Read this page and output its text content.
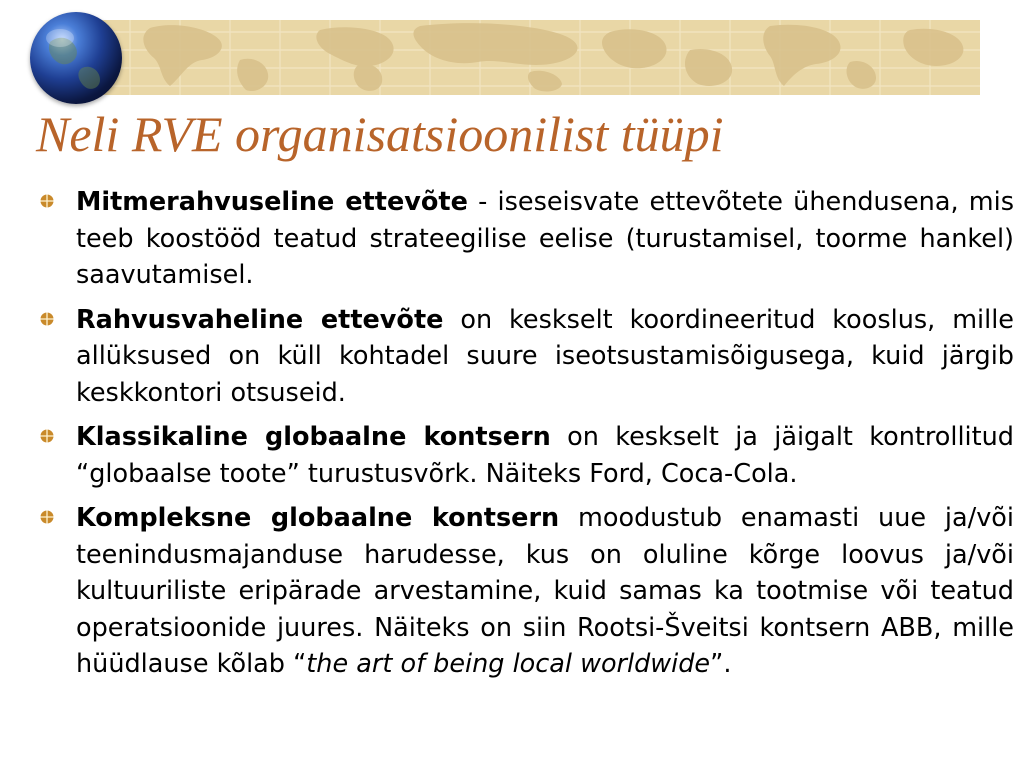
Neli RVE organisatsioonilist tüüpi
Mitmerahvuseline ettevõte - iseseisvate ettevõtete ühendusena, mis teeb koostööd teatud strateegilise eelise (turustamisel, toorme hankel) saavutamisel.
Rahvusvaheline ettevõte on keskselt koordineeritud kooslus, mille allüksused on küll kohtadel suure iseotsustamisõigusega, kuid järgib keskkontori otsuseid.
Klassikaline globaalne kontsern on keskselt ja jäigalt kontrollitud “globaalse toote” turustusvõrk. Näiteks Ford, Coca-Cola.
Kompleksne globaalne kontsern moodustub enamasti uue ja/või teenindusmajanduse harudesse, kus on oluline kõrge loovus ja/või kultuuriliste eripärade arvestamine, kuid samas ka tootmise või teatud operatsioonide juures. Näiteks on siin Rootsi-Šveitsi kontsern ABB, mille hüüdlause kõlab “the art of being local worldwide”.
